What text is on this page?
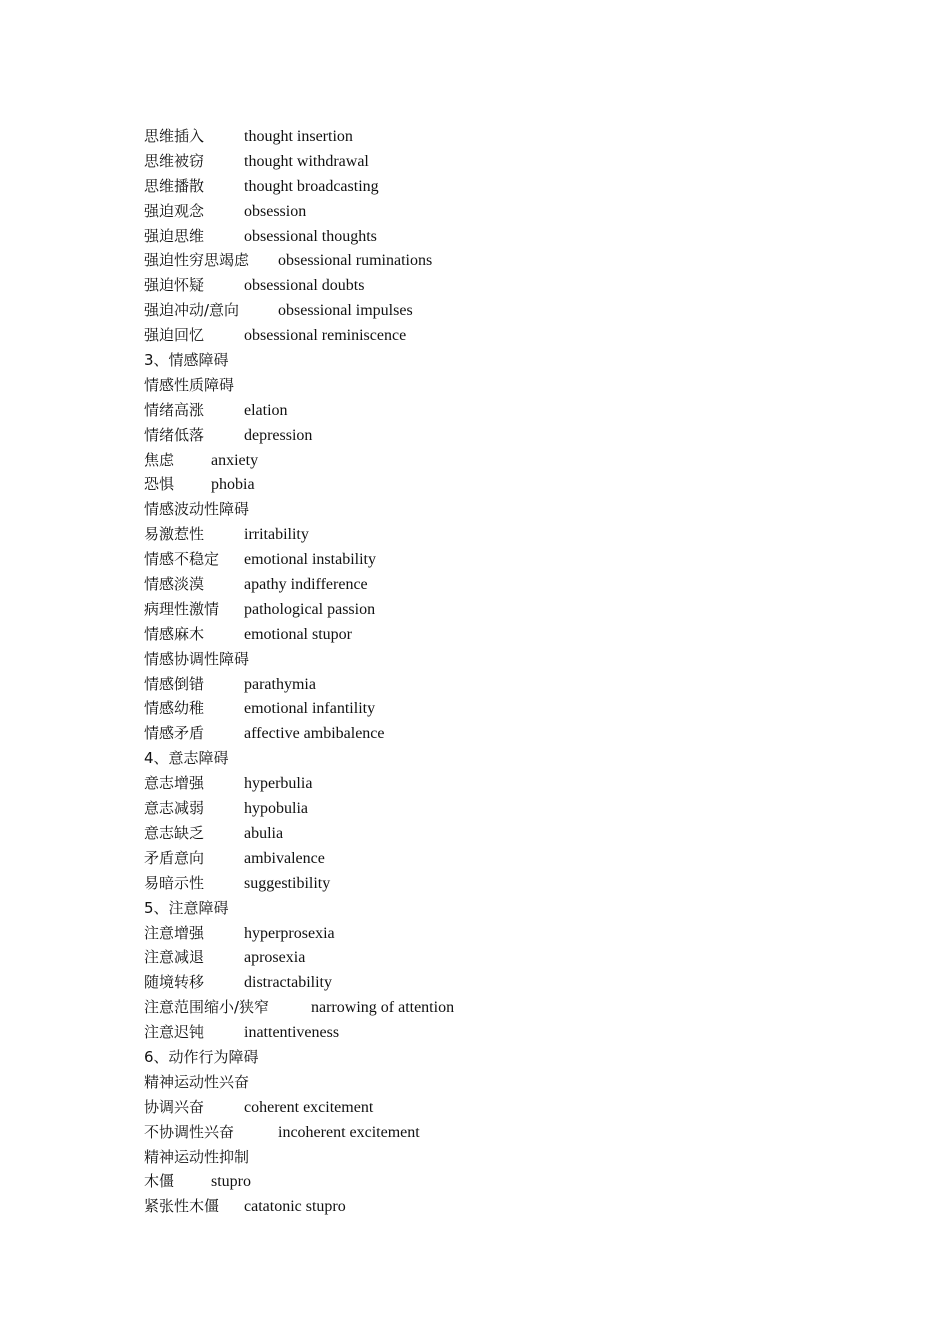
思维插入 thought insertion
思维被窃 thought withdrawal
思维播散 thought broadcasting
强迫观念 obsession
强迫思维 obsessional thoughts
强迫性穷思竭虑 obsessional ruminations
强迫怀疑 obsessional doubts
强迫冲动/意向 obsessional impulses
强迫回忆 obsessional reminiscence
3、情感障碍
情感性质障碍
情绪高涨 elation
情绪低落 depression
焦虑 anxiety
恐惧 phobia
情感波动性障碍
易激惹性 irritability
情感不稳定 emotional instability
情感淡漠 apathy indifference
病理性激情 pathological passion
情感麻木 emotional stupor
情感协调性障碍
情感倒错 parathymia
情感幼稚 emotional infantility
情感矛盾 affective ambibalence
4、意志障碍
意志增强 hyperbulia
意志减弱 hypobulia
意志缺乏 abulia
矛盾意向 ambivalence
易暗示性 suggestibility
5、注意障碍
注意增强 hyperprosexia
注意减退 aprosexia
随境转移 distractability
注意范围缩小/狭窄	narrowing of attention
注意迟钝 inattentiveness
6、动作行为障碍
精神运动性兴奋
协调兴奋 coherent excitement
不协调性兴奋	incoherent excitement
精神运动性抑制
木僵 stupro
紧张性木僵 catatonic stupro
